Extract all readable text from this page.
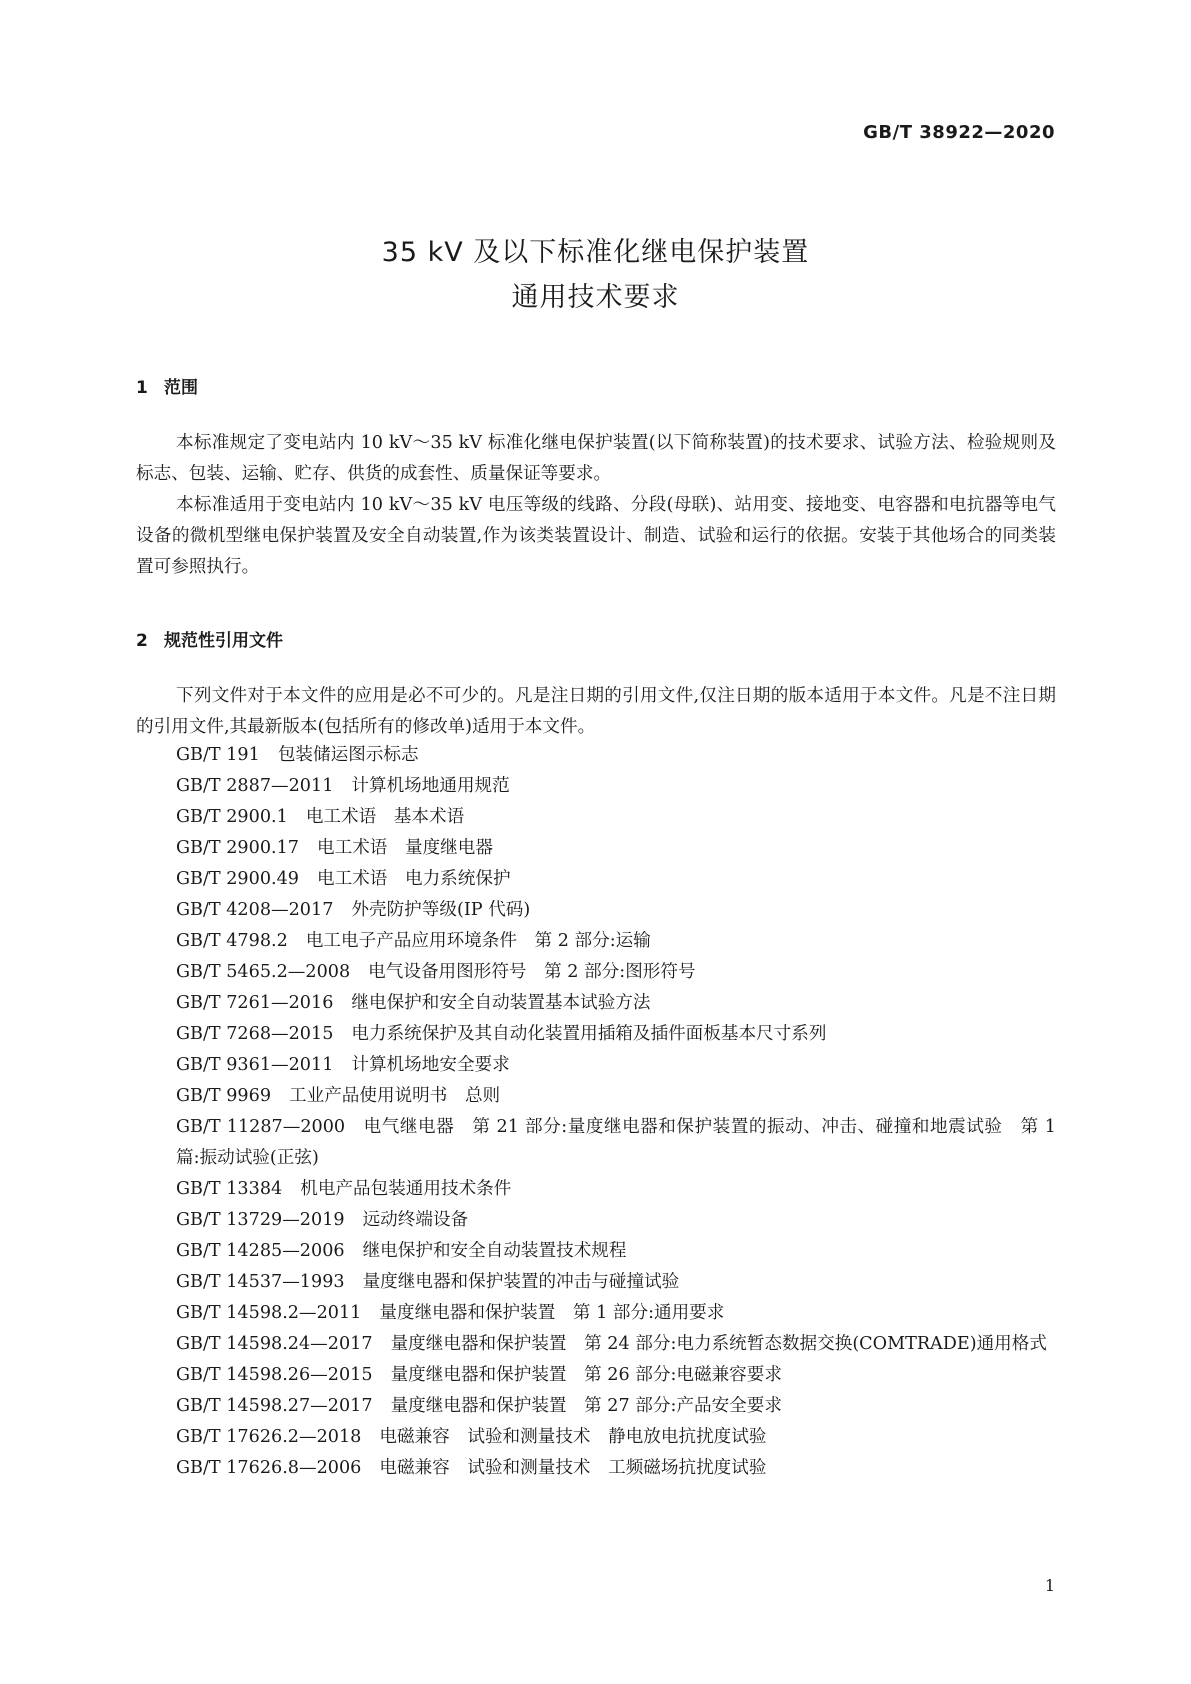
GB/T 38922—2020
35 kV 及以下标准化继电保护装置
通用技术要求
1 范围

本标准规定了变电站内 10 kV～35 kV 标准化继电保护装置(以下简称装置)的技术要求、试验方法、检验规则及标志、包装、运输、贮存、供货的成套性、质量保证等要求。

本标准适用于变电站内 10 kV～35 kV 电压等级的线路、分段(母联)、站用变、接地变、电容器和电抗器等电气设备的微机型继电保护装置及安全自动装置,作为该类装置设计、制造、试验和运行的依据。安装于其他场合的同类装置可参照执行。

2 规范性引用文件

下列文件对于本文件的应用是必不可少的。凡是注日期的引用文件,仅注日期的版本适用于本文件。凡是不注日期的引用文件,其最新版本(包括所有的修改单)适用于本文件。

GB/T 191 包装储运图示标志
GB/T 2887—2011 计算机场地通用规范
GB/T 2900.1 电工术语　基本术语
GB/T 2900.17 电工术语　量度继电器
GB/T 2900.49 电工术语　电力系统保护
GB/T 4208—2017 外壳防护等级(IP 代码)
GB/T 4798.2 电工电子产品应用环境条件　第 2 部分:运输
GB/T 5465.2—2008 电气设备用图形符号　第 2 部分:图形符号
GB/T 7261—2016 继电保护和安全自动装置基本试验方法
GB/T 7268—2015 电力系统保护及其自动化装置用插箱及插件面板基本尺寸系列
GB/T 9361—2011 计算机场地安全要求
GB/T 9969 工业产品使用说明书　总则
GB/T 11287—2000 电气继电器　第 21 部分:量度继电器和保护装置的振动、冲击、碰撞和地震试验　第 1 篇:振动试验(正弦)
GB/T 13384 机电产品包装通用技术条件
GB/T 13729—2019 远动终端设备
GB/T 14285—2006 继电保护和安全自动装置技术规程
GB/T 14537—1993 量度继电器和保护装置的冲击与碰撞试验
GB/T 14598.2—2011 量度继电器和保护装置　第 1 部分:通用要求
GB/T 14598.24—2017 量度继电器和保护装置　第 24 部分:电力系统暂态数据交换(COMTRADE)通用格式
GB/T 14598.26—2015 量度继电器和保护装置　第 26 部分:电磁兼容要求
GB/T 14598.27—2017 量度继电器和保护装置　第 27 部分:产品安全要求
GB/T 17626.2—2018 电磁兼容　试验和测量技术　静电放电抗扰度试验
GB/T 17626.8—2006 电磁兼容　试验和测量技术　工频磁场抗扰度试验
1
